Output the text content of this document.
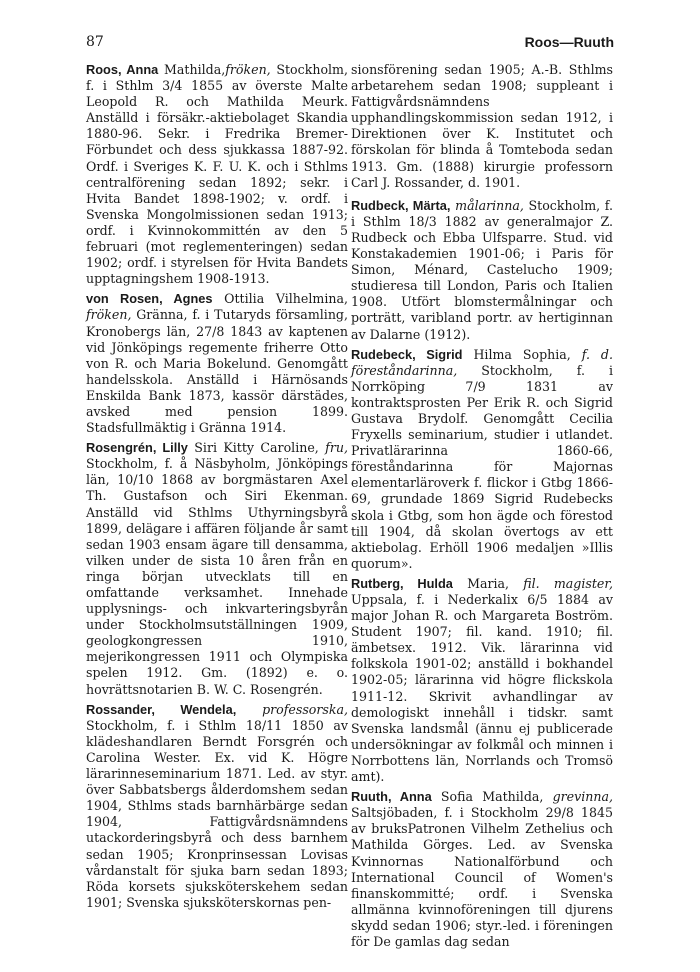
87	Roos—Ruuth

Roos, Anna Mathilda,fröken, Stockholm, f. i Sthlm 3/4 1855 av överste Malte Leopold R. och Mathilda Meurk. Anställd i försäkr.-aktiebolaget Skandia 1880-96. Sekr. i Fredrika Bremer-Förbundet och dess sjukkassa 1887-92. Ordf. i Sveriges K. F. U. K. och i Sthlms centralförening sedan 1892; sekr. i Hvita Bandet 1898-1902; v. ordf. i Svenska Mongolmissionen sedan 1913; ordf. i Kvinnokommittén av den 5 februari (mot reglementeringen) sedan 1902; ordf. i styrelsen för Hvita Bandets upptagningshem 1908-1913.

von Rosen, Agnes Ottilia Vilhelmina, fröken, Gränna, f. i Tutaryds församling, Kronobergs län, 27/8 1843 av kaptenen vid Jönköpings regemente friherre Otto von R. och Maria Bokelund. Genomgått handelsskola. Anställd i Härnösands Enskilda Bank 1873, kassör därstädes, avsked med pension 1899. Stadsfullmäktig i Gränna 1914.

Rosengrén, Lilly Siri Kitty Caroline, fru, Stockholm, f. å Näsbyholm, Jönköpings län, 10/10 1868 av borgmästaren Axel Th. Gustafson och Siri Ekenman. Anställd vid Sthlms Uthyrningsbyrå 1899, delägare i affären följande år samt sedan 1903 ensam ägare till densamma, vilken under de sista 10 åren från en ringa början utvecklats till en omfattande verksamhet. Innehade upplysnings- och inkvarteringsbyrån under Stockholmsutställningen 1909, geologkongressen 1910, mejerikongressen 1911 och Olympiska spelen 1912. Gm. (1892) e. o. hovrättsnotarien B. W. C. Rosengrén.

Rossander, Wendela, professorska, Stockholm, f. i Sthlm 18/11 1850 av klädeshandlaren Berndt Forsgrén och Carolina Wester. Ex. vid K. Högre lärarinneseminarium 1871. Led. av styr. över Sabbatsbergs ålderdomshem sedan 1904, Sthlms stads barnhärbärge sedan 1904, Fattigvårdsnämndens utackorderingsbyrå och dess barnhem sedan 1905; Kronprinsessan Lovisas vårdanstalt för sjuka barn sedan 1893; Röda korsets sjuksköterskehem sedan 1901; Svenska sjuksköterskornas pen-

sionsförening sedan 1905; A.-B. Sthlms arbetarehem sedan 1908; suppleant i Fattigvårdsnämndens upphandlingskommission sedan 1912, i Direktionen över K. Institutet och förskolan för blinda å Tomteboda sedan 1913. Gm. (1888) kirurgie professorn Carl J. Rossander, d. 1901.

Rudbeck, Märta, målarinna, Stockholm, f. i Sthlm 18/3 1882 av generalmajor Z. Rudbeck och Ebba Ulfsparre. Stud. vid Konstakademien 1901-06; i Paris för Simon, Ménard, Castelucho 1909; studieresa till London, Paris och Italien 1908. Utfört blomstermålningar och porträtt, varibland portr. av hertiginnan av Dalarne (1912).

Rudebeck, Sigrid Hilma Sophia, f. d. föreståndarinna, Stockholm, f. i Norrköping 7/9 1831 av kontraktsprosten Per Erik R. och Sigrid Gustava Brydolf. Genomgått Cecilia Fryxells seminarium, studier i utlandet. Privatlärarinna 1860-66, föreståndarinna för Majornas elementarläroverk f. flickor i Gtbg 1866-69, grundade 1869 Sigrid Rudebecks skola i Gtbg, som hon ägde och förestod till 1904, då skolan övertogs av ett aktiebolag. Erhöll 1906 medaljen »Illis quorum».

Rutberg, Hulda Maria, fil. magister, Uppsala, f. i Nederkalix 6/5 1884 av major Johan R. och Margareta Boström. Student 1907; fil. kand. 1910; fil. ämbetsex. 1912. Vik. lärarinna vid folkskola 1901-02; anställd i bokhandel 1902-05; lärarinna vid högre flickskola 1911-12. Skrivit avhandlingar av demologiskt innehåll i tidskr. samt Svenska landsmål (ännu ej publicerade undersökningar av folkmål och minnen i Norrbottens län, Norrlands och Tromsö amt).

Ruuth, Anna Sofia Mathilda, grevinna, Saltsjöbaden, f. i Stockholm 29/8 1845 av bruksPatronen Vilhelm Zethelius och Mathilda Görges. Led. av Svenska Kvinnornas Nationalförbund och International Council of Women's finanskommitté; ordf. i Svenska allmänna kvinnoföreningen till djurens skydd sedan 1906; styr.-led. i föreningen för De gamlas dag sedan
